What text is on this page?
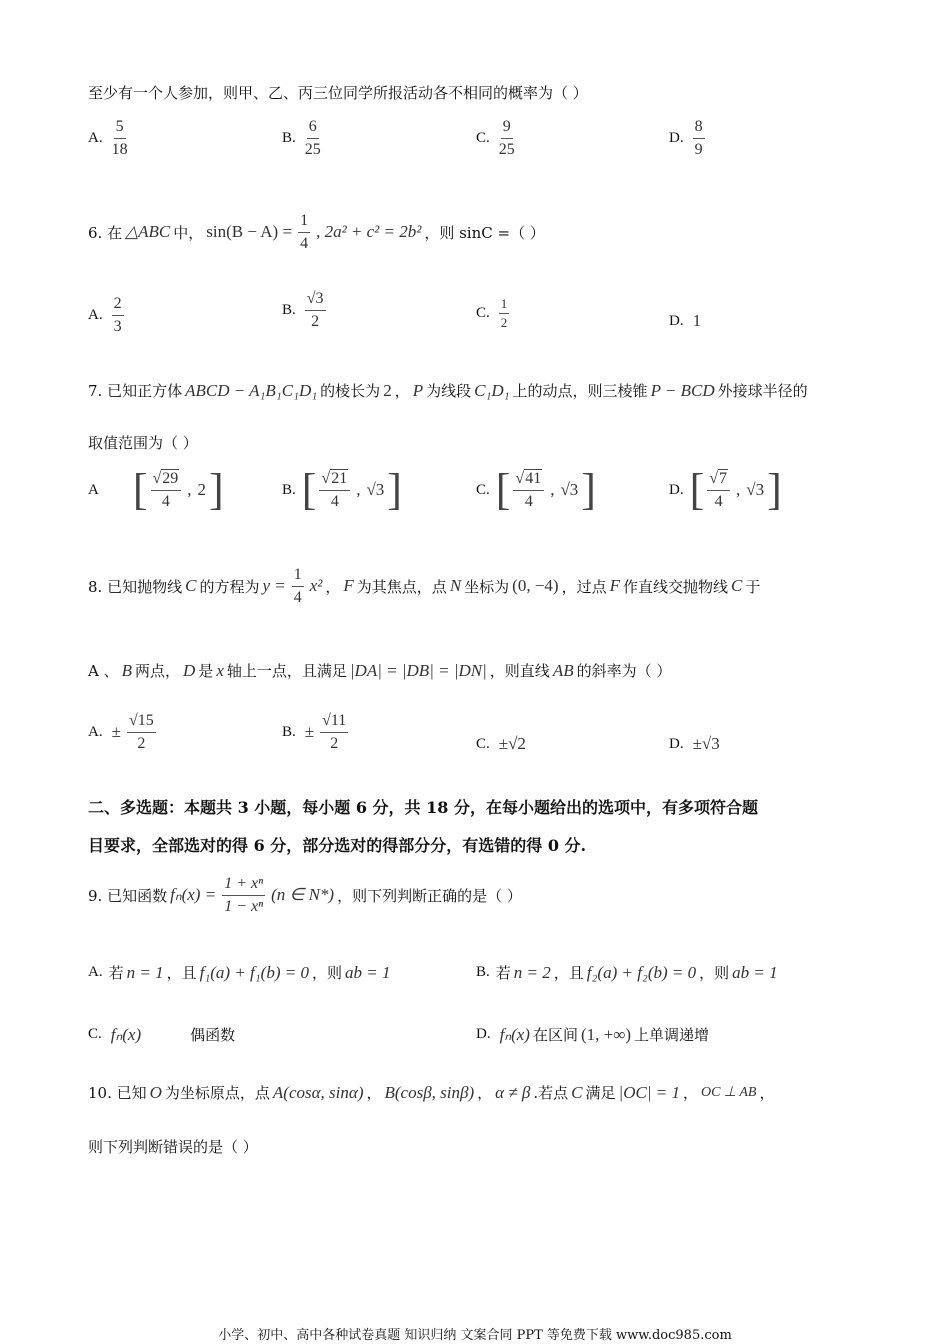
至少有一个人参加，则甲、乙、丙三位同学所报活动各不相同的概率为（ ）
A. $\frac{5}{18}$	B. $\frac{6}{25}$	C. $\frac{9}{25}$	D. $\frac{8}{9}$
6. 在 △ABC 中， $\sin(B - A) = \frac{1}{4}$ , 2a² + c² = 2b² ，则 sinC =（ ）
A. $\frac{2}{3}$	B. $\frac{√3}{2}$	C. $\frac{1}{2}$	D. 1
7. 已知正方体 ABCD − A₁B₁C₁D₁ 的棱长为 2 ， P 为线段 C₁D₁ 上的动点，则三棱锥 P − BCD 外接球半径的
取值范围为（ ）
A [ $\frac{√29}{4}$ , 2 ]	B. [ $\frac{√21}{4}$ , √3 ]	C. [ $\frac{√41}{4}$ , √3 ]	D. [ $\frac{√7}{4}$ , √3 ]
8. 已知抛物线 C 的方程为 $y = \frac{1}{4} x^2$ ， F 为其焦点，点 N 坐标为 (0, −4) ，过点 F 作直线交抛物线 C 于
A 、 B 两点， D 是 x 轴上一点，且满足 |DA| = |DB| = |DN| ，则直线 AB 的斜率为（ ）
A. ± $\frac{√15}{2}$	B. ± $\frac{√11}{2}$	C. ±√2	D. ±√3
二、多选题：本题共 3 小题，每小题 6 分，共 18 分，在每小题给出的选项中，有多项符合题
目要求，全部选对的得 6 分，部分选对的得部分分，有选错的得 0 分.
9. 已知函数 $f_n(x) = \frac{\text{1 + xⁿ}}{\text{1 − xⁿ}} (n$ ∈ N*) ，则下列判断正确的是（ ）
A. 若 n = 1 ，且 f₁(a) + f₁(b) = 0 ，则 ab = 1	B. 若 n = 2 ，且 f₂(a) + f₂(b) = 0 ，则 ab = 1
C. fₙ(x)	偶函数	D. fₙ(x) 在区间 (1, +∞) 上单调递增
10. 已知 O 为坐标原点，点 A(cosα, sinα) ， B(cosβ, sinβ) ， α ≠ β .若点 C 满足 |OC| = 1 ， OC ⊥ AB ，
则下列判断错误的是（ ）
小学、初中、高中各种试卷真题 知识归纳 文案合同 PPT 等免费下载 www.doc985.com
